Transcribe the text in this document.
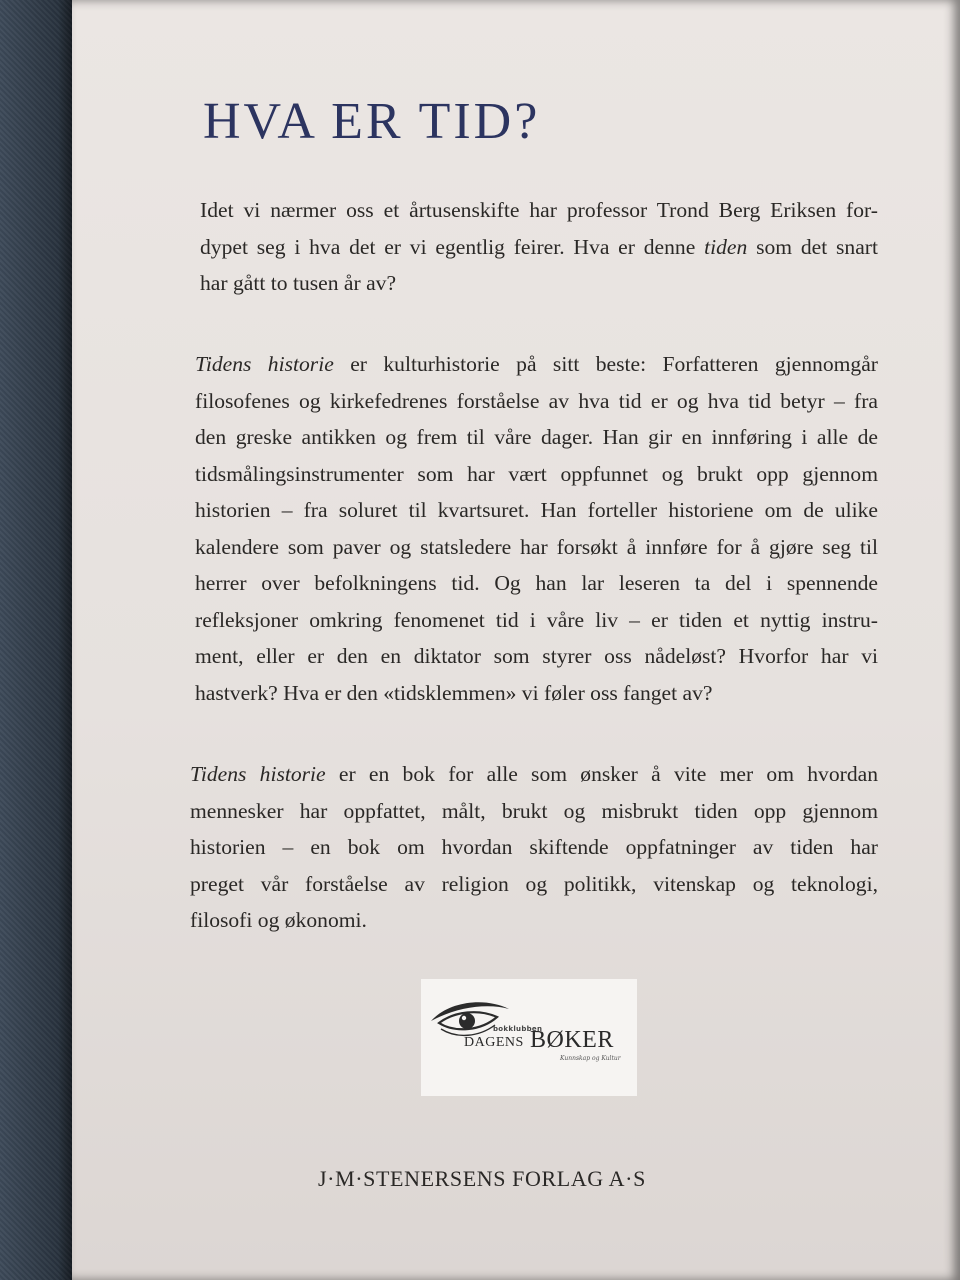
HVA ER TID?

Idet vi nærmer oss et årtusenskifte har professor Trond Berg Eriksen for-
dypet seg i hva det er vi egentlig feirer. Hva er denne tiden som det snart
har gått to tusen år av?

Tidens historie er kulturhistorie på sitt beste: Forfatteren gjennomgår
filosofenes og kirkefedrenes forståelse av hva tid er og hva tid betyr – fra
den greske antikken og frem til våre dager. Han gir en innføring i alle de
tidsmålingsinstrumenter som har vært oppfunnet og brukt opp gjennom
historien – fra soluret til kvartsuret. Han forteller historiene om de ulike
kalendere som paver og statsledere har forsøkt å innføre for å gjøre seg til
herrer over befolkningens tid. Og han lar leseren ta del i spennende
refleksjoner omkring fenomenet tid i våre liv – er tiden et nyttig instru-
ment, eller er den en diktator som styrer oss nådeløst? Hvorfor har vi
hastverk? Hva er den «tidsklemmen» vi føler oss fanget av?

Tidens historie er en bok for alle som ønsker å vite mer om hvordan
mennesker har oppfattet, målt, brukt og misbrukt tiden opp gjennom
historien – en bok om hvordan skiftende oppfatninger av tiden har
preget vår forståelse av religion og politikk, vitenskap og teknologi,
filosofi og økonomi.

bokklubben
DAGENS BØKER
Kunnskap og Kultur

J·M·STENERSENS FORLAG A·S
